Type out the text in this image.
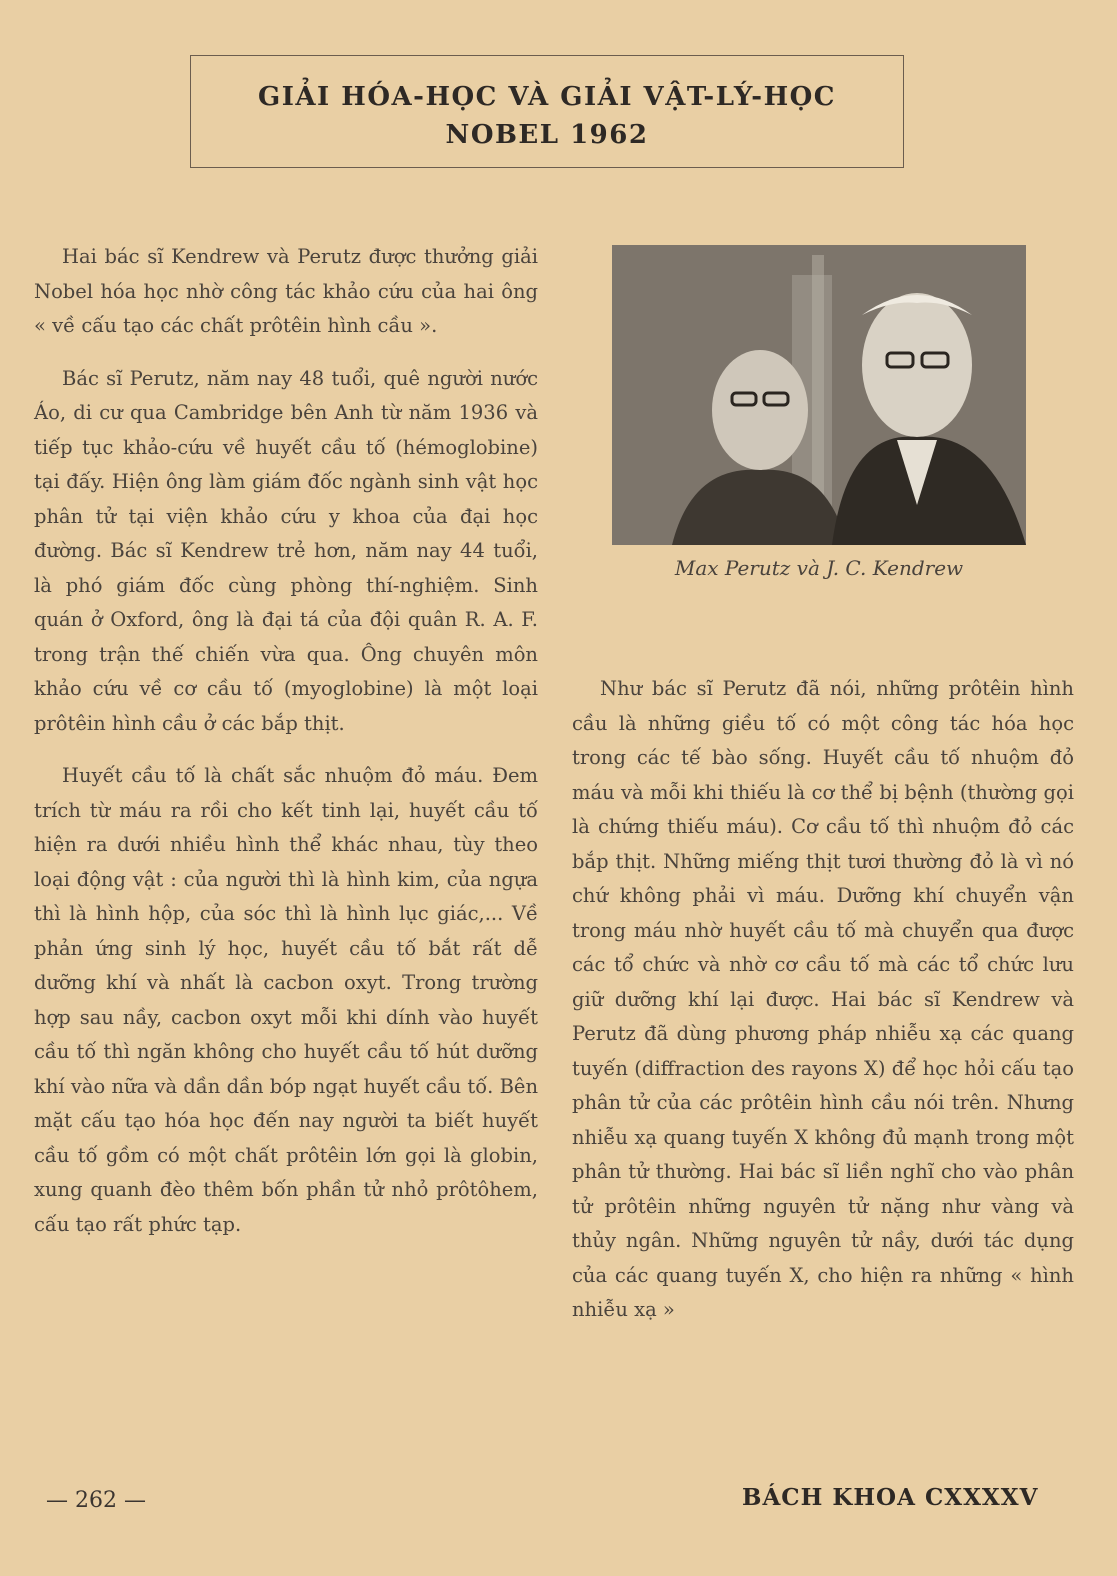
GIẢI HÓA-HỌC VÀ GIẢI VẬT-LÝ-HỌC
NOBEL 1962

Hai bác sĩ Kendrew và Perutz được thưởng giải Nobel hóa học nhờ công tác khảo cứu của hai ông « về cấu tạo các chất prôtêin hình cầu ».

Bác sĩ Perutz, năm nay 48 tuổi, quê người nước Áo, di cư qua Cambridge bên Anh từ năm 1936 và tiếp tục khảo-cứu về huyết cầu tố (hémoglobine) tại đấy. Hiện ông làm giám đốc ngành sinh vật học phân tử tại viện khảo cứu y khoa của đại học đường. Bác sĩ Kendrew trẻ hơn, năm nay 44 tuổi, là phó giám đốc cùng phòng thí-nghiệm. Sinh quán ở Oxford, ông là đại tá của đội quân R. A. F. trong trận thế chiến vừa qua. Ông chuyên môn khảo cứu về cơ cầu tố (myoglobine) là một loại prôtêin hình cầu ở các bắp thịt.

Huyết cầu tố là chất sắc nhuộm đỏ máu. Đem trích từ máu ra rồi cho kết tinh lại, huyết cầu tố hiện ra dưới nhiều hình thể khác nhau, tùy theo loại động vật : của người thì là hình kim, của ngựa thì là hình hộp, của sóc thì là hình lục giác,... Về phản ứng sinh lý học, huyết cầu tố bắt rất dễ dưỡng khí và nhất là cacbon oxyt. Trong trường hợp sau nầy, cacbon oxyt mỗi khi dính vào huyết cầu tố thì ngăn không cho huyết cầu tố hút dưỡng khí vào nữa và dần dần bóp ngạt huyết cầu tố. Bên mặt cấu tạo hóa học đến nay người ta biết huyết cầu tố gồm có một chất prôtêin lớn gọi là globin, xung quanh đèo thêm bốn phần tử nhỏ prôtôhem, cấu tạo rất phức tạp.

Max Perutz và J. C. Kendrew

Như bác sĩ Perutz đã nói, những prôtêin hình cầu là những giều tố có một công tác hóa học trong các tế bào sống. Huyết cầu tố nhuộm đỏ máu và mỗi khi thiếu là cơ thể bị bệnh (thường gọi là chứng thiếu máu). Cơ cầu tố thì nhuộm đỏ các bắp thịt. Những miếng thịt tươi thường đỏ là vì nó chứ không phải vì máu. Dưỡng khí chuyển vận trong máu nhờ huyết cầu tố mà chuyển qua được các tổ chức và nhờ cơ cầu tố mà các tổ chức lưu giữ dưỡng khí lại được. Hai bác sĩ Kendrew và Perutz đã dùng phương pháp nhiễu xạ các quang tuyến (diffraction des rayons X) để học hỏi cấu tạo phân tử của các prôtêin hình cầu nói trên. Nhưng nhiễu xạ quang tuyến X không đủ mạnh trong một phân tử thường. Hai bác sĩ liền nghĩ cho vào phân tử prôtêin những nguyên tử nặng như vàng và thủy ngân. Những nguyên tử nầy, dưới tác dụng của các quang tuyến X, cho hiện ra những « hình nhiễu xạ »

— 262 —	BÁCH KHOA CXXXXV
